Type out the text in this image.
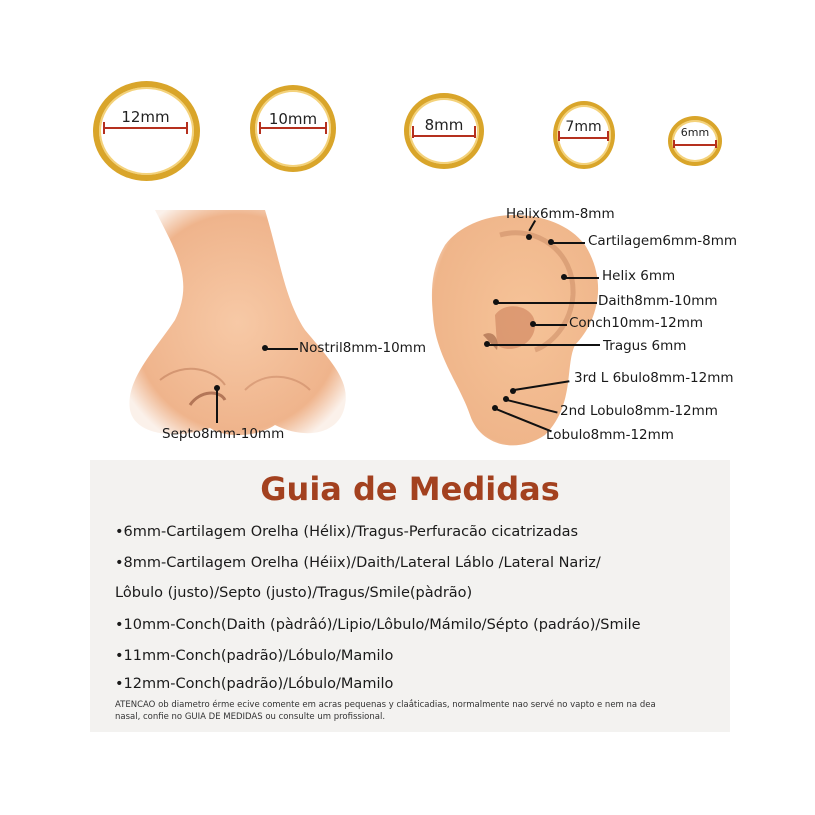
12mm	10mm	8mm	7mm	6mm
Nostril8mm-10mm
Septo8mm-10mm
Helix6mm-8mm
Cartilagem6mm-8mm
Helix 6mm
Daith8mm-10mm
Conch10mm-12mm
Tragus 6mm
3rd L 6bulo8mm-12mm
2nd Lobulo8mm-12mm
Lobulo8mm-12mm
Guia de Medidas
•6mm-Cartilagem Orelha (Hélix)/Tragus-Perfuracão cicatrizadas
•8mm-Cartilagem Orelha (Héiix)/Daith/Lateral Láblo /Lateral Nariz/
Lôbulo (justo)/Septo (justo)/Tragus/Smile(pàdrão)
•10mm-Conch(Daith (pàdrâó)/Lipio/Lôbulo/Mámilo/Sépto (padráo)/Smile
•11mm-Conch(padrão)/Lóbulo/Mamilo
•12mm-Conch(padrão)/Lóbulo/Mamilo
ATENCAO ob diametro érme ecive comente em acras pequenas y claắticadias, normalmente nao servé no vapto e nem na dea nasal, confie no GUIA DE MEDIDAS ou consulte um profissional.
